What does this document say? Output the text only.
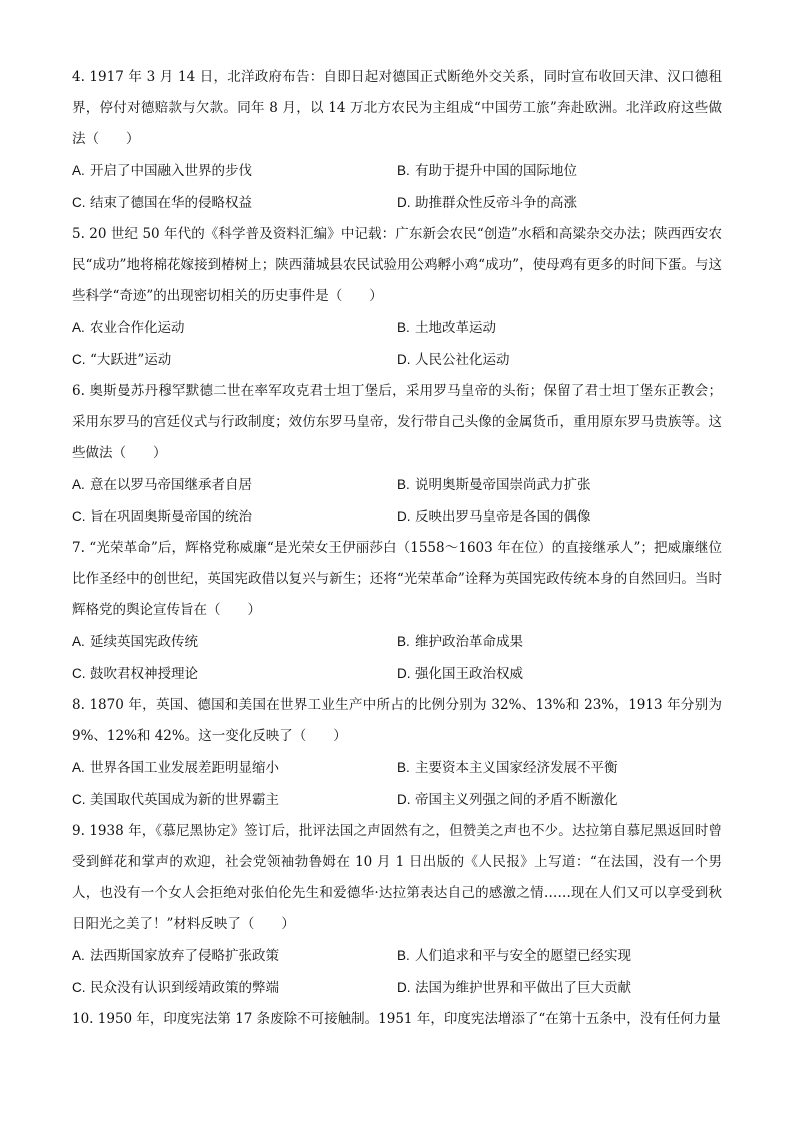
4. 1917 年 3 月 14 日，北洋政府布告：自即日起对德国正式断绝外交关系，同时宣布收回天津、汉口德租界，停付对德赔款与欠款。同年 8 月，以 14 万北方农民为主组成“中国劳工旅”奔赴欧洲。北洋政府这些做法（　　）

A. 开启了中国融入世界的步伐	B. 有助于提升中国的国际地位
C. 结束了德国在华的侵略权益	D. 助推群众性反帝斗争的高涨

5. 20 世纪 50 年代的《科学普及资料汇编》中记载：广东新会农民“创造”水稻和高粱杂交办法；陕西西安农民“成功”地将棉花嫁接到椿树上；陕西蒲城县农民试验用公鸡孵小鸡“成功”，使母鸡有更多的时间下蛋。与这些科学“奇迹”的出现密切相关的历史事件是（　　）

A. 农业合作化运动	B. 土地改革运动
C. “大跃进”运动	D. 人民公社化运动

6. 奥斯曼苏丹穆罕默德二世在率军攻克君士坦丁堡后，采用罗马皇帝的头衔；保留了君士坦丁堡东正教会；采用东罗马的宫廷仪式与行政制度；效仿东罗马皇帝，发行带自己头像的金属货币，重用原东罗马贵族等。这些做法（　　）

A. 意在以罗马帝国继承者自居	B. 说明奥斯曼帝国崇尚武力扩张
C. 旨在巩固奥斯曼帝国的统治	D. 反映出罗马皇帝是各国的偶像

7. “光荣革命”后，辉格党称威廉“是光荣女王伊丽莎白（1558～1603 年在位）的直接继承人”；把威廉继位比作圣经中的创世纪，英国宪政借以复兴与新生；还将“光荣革命”诠释为英国宪政传统本身的自然回归。当时辉格党的舆论宣传旨在（　　）

A. 延续英国宪政传统	B. 维护政治革命成果
C. 鼓吹君权神授理论	D. 强化国王政治权威

8. 1870 年，英国、德国和美国在世界工业生产中所占的比例分别为 32%、13%和 23%，1913 年分别为 9%、12%和 42%。这一变化反映了（　　）

A. 世界各国工业发展差距明显缩小	B. 主要资本主义国家经济发展不平衡
C. 美国取代英国成为新的世界霸主	D. 帝国主义列强之间的矛盾不断激化

9. 1938 年，《慕尼黑协定》签订后，批评法国之声固然有之，但赞美之声也不少。达拉第自慕尼黑返回时曾受到鲜花和掌声的欢迎，社会党领袖勃鲁姆在 10 月 1 日出版的《人民报》上写道：“在法国，没有一个男人，也没有一个女人会拒绝对张伯伦先生和爱德华·达拉第表达自己的感激之情……现在人们又可以享受到秋日阳光之美了！”材料反映了（　　）

A. 法西斯国家放弃了侵略扩张政策	B. 人们追求和平与安全的愿望已经实现
C. 民众没有认识到绥靖政策的弊端	D. 法国为维护世界和平做出了巨大贡献

10. 1950 年，印度宪法第 17 条废除不可接触制。1951 年，印度宪法增添了“在第十五条中，没有任何力量
